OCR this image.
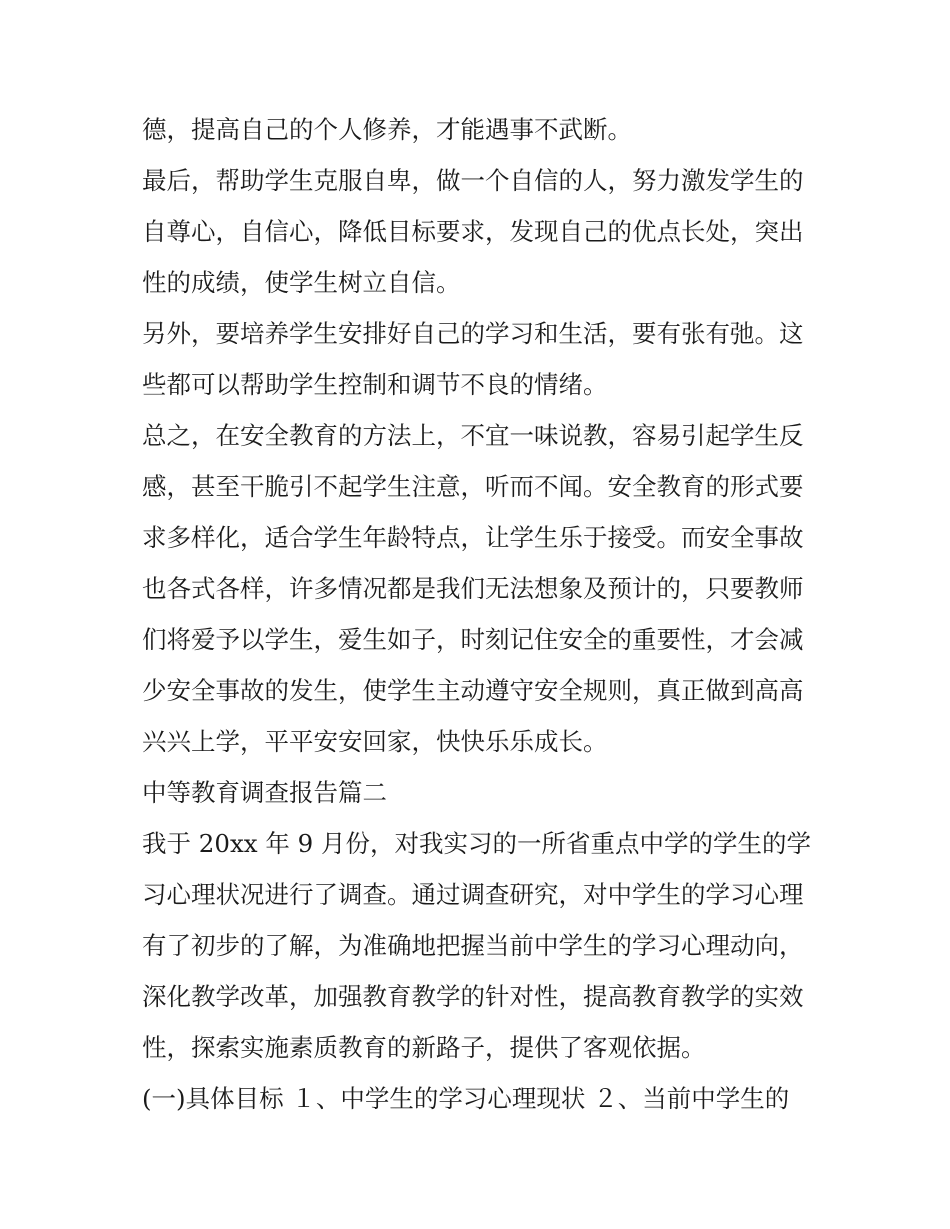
德，提高自己的个人修养，才能遇事不武断。

最后，帮助学生克服自卑，做一个自信的人，努力激发学生的
自尊心，自信心，降低目标要求，发现自己的优点长处，突出
性的成绩，使学生树立自信。

另外，要培养学生安排好自己的学习和生活，要有张有弛。这
些都可以帮助学生控制和调节不良的情绪。

总之，在安全教育的方法上，不宜一味说教，容易引起学生反
感，甚至干脆引不起学生注意，听而不闻。安全教育的形式要
求多样化，适合学生年龄特点，让学生乐于接受。而安全事故
也各式各样，许多情况都是我们无法想象及预计的，只要教师
们将爱予以学生，爱生如子，时刻记住安全的重要性，才会减
少安全事故的发生，使学生主动遵守安全规则，真正做到高高
兴兴上学，平平安安回家，快快乐乐成长。

中等教育调查报告篇二

我于 20xx 年 9 月份，对我实习的一所省重点中学的学生的学
习心理状况进行了调查。通过调查研究，对中学生的学习心理
有了初步的了解，为准确地把握当前中学生的学习心理动向，
深化教学改革，加强教育教学的针对性，提高教育教学的实效
性，探索实施素质教育的新路子，提供了客观依据。

(一)具体目标 １、中学生的学习心理现状 ２、当前中学生的
